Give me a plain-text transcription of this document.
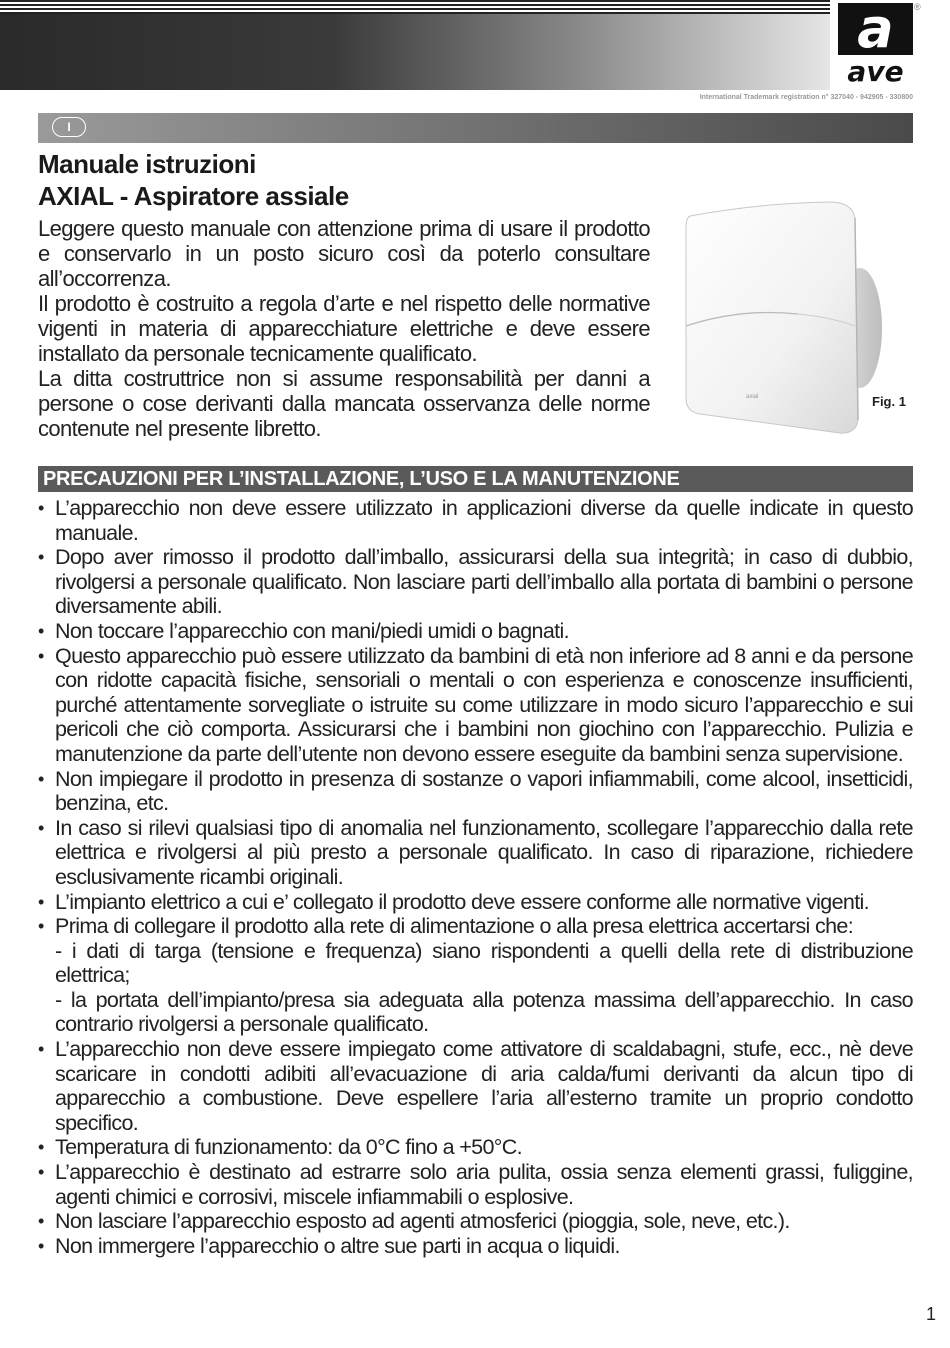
a
ave
®
International Trademark registration n° 327040 - 942905 - 330800
I
Manuale istruzioni
AXIAL - Aspiratore assiale

Leggere questo manuale con attenzione prima di usare il prodotto e conservarlo in un posto sicuro così da poterlo consultare all’occorrenza.

Il prodotto è costruito a regola d’arte e nel rispetto delle normative vigenti in materia di apparecchiature elettriche e deve essere installato da personale tecnicamente qualificato.

La ditta costruttrice non si assume responsabilità per danni a persone o cose derivanti dalla mancata osservanza delle norme contenute nel presente libretto.

axial	Fig. 1
PRECAUZIONI PER L’INSTALLAZIONE, L’USO E LA MANUTENZIONE
• L’apparecchio non deve essere utilizzato in applicazioni diverse da quelle indicate in questo manuale.
• Dopo aver rimosso il prodotto dall’imballo, assicurarsi della sua integrità; in caso di dubbio, rivolgersi a personale qualificato. Non lasciare parti dell’imballo alla portata di bambini o persone diversamente abili.
• Non toccare l’apparecchio con mani/piedi umidi o bagnati.
• Questo apparecchio può essere utilizzato da bambini di età non inferiore ad 8 anni e da persone con ridotte capacità fisiche, sensoriali o mentali o con esperienza e conoscenze insufficienti, purché attentamente sorvegliate o istruite su come utilizzare in modo sicuro l’apparecchio e sui pericoli che ciò comporta. Assicurarsi che i bambini non giochino con l’apparecchio. Pulizia e manutenzione da parte dell’utente non devono essere eseguite da bambini senza supervisione.
• Non impiegare il prodotto in presenza di sostanze o vapori infiammabili, come alcool, insetticidi, benzina, etc.
• In caso si rilevi qualsiasi tipo di anomalia nel funzionamento, scollegare l’apparecchio dalla rete elettrica e rivolgersi al più presto a personale qualificato. In caso di riparazione, richiedere esclusivamente ricambi originali.
• L’impianto elettrico a cui e’ collegato il prodotto deve essere conforme alle normative vigenti.
• Prima di collegare il prodotto alla rete di alimentazione o alla presa elettrica accertarsi che:
- i dati di targa (tensione e frequenza) siano rispondenti a quelli della rete di distribuzione elettrica;
- la portata dell’impianto/presa sia adeguata alla potenza massima dell’apparecchio. In caso contrario rivolgersi a personale qualificato.
• L’apparecchio non deve essere impiegato come attivatore di scaldabagni, stufe, ecc., nè deve scaricare in condotti adibiti all’evacuazione di aria calda/fumi derivanti da alcun tipo di apparecchio a combustione. Deve espellere l’aria all’esterno tramite un proprio condotto specifico.
• Temperatura di funzionamento: da 0°C fino a +50°C.
• L’apparecchio è destinato ad estrarre solo aria pulita, ossia senza elementi grassi, fuliggine, agenti chimici e corrosivi, miscele infiammabili o esplosive.
• Non lasciare l’apparecchio esposto ad agenti atmosferici (pioggia, sole, neve, etc.).
• Non immergere l’apparecchio o altre sue parti in acqua o liquidi.
1
